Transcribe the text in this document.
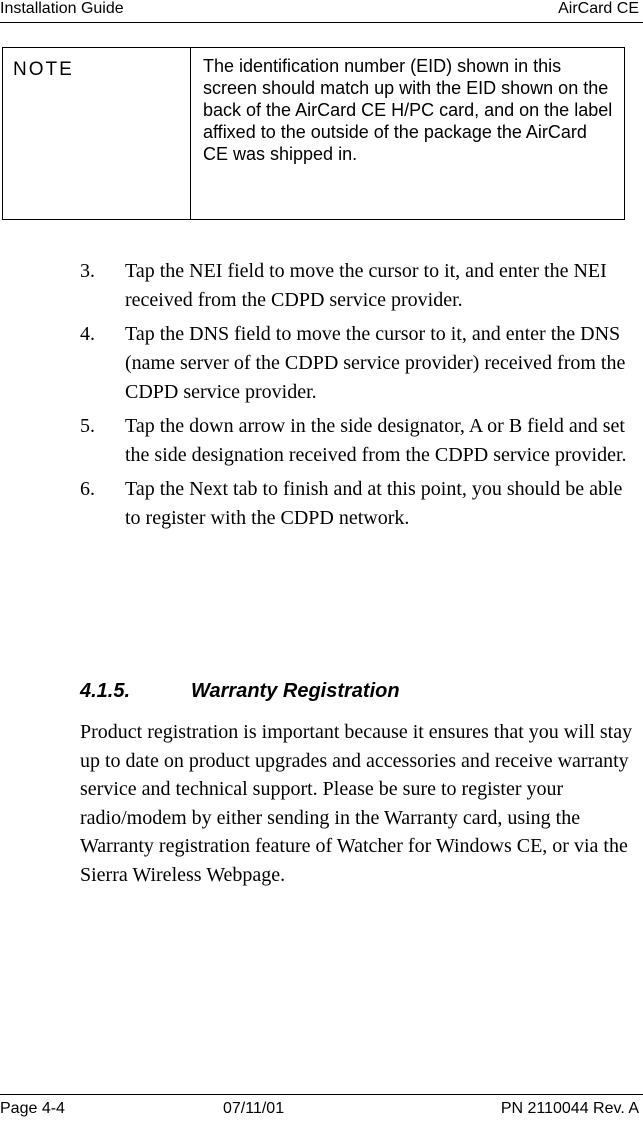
Installation Guide	AirCard CE
NOTE	The identification number (EID) shown in this screen should match up with the EID shown on the back of the AirCard CE H/PC card, and on the label affixed to the outside of the package the AirCard CE was shipped in.
3. Tap the NEI field to move the cursor to it, and enter the NEI received from the CDPD service provider.
4. Tap the DNS field to move the cursor to it, and enter the DNS (name server of the CDPD service provider) received from the CDPD service provider.
5. Tap the down arrow in the side designator, A or B field and set the side designation received from the CDPD service provider.
6. Tap the Next tab to finish and at this point, you should be able to register with the CDPD network.
4.1.5.	Warranty Registration
Product registration is important because it ensures that you will stay up to date on product upgrades and accessories and receive warranty service and technical support. Please be sure to register your radio/modem by either sending in the Warranty card, using the Warranty registration feature of Watcher for Windows CE, or via the Sierra Wireless Webpage.
Page 4-4	07/11/01	PN 2110044 Rev. A
